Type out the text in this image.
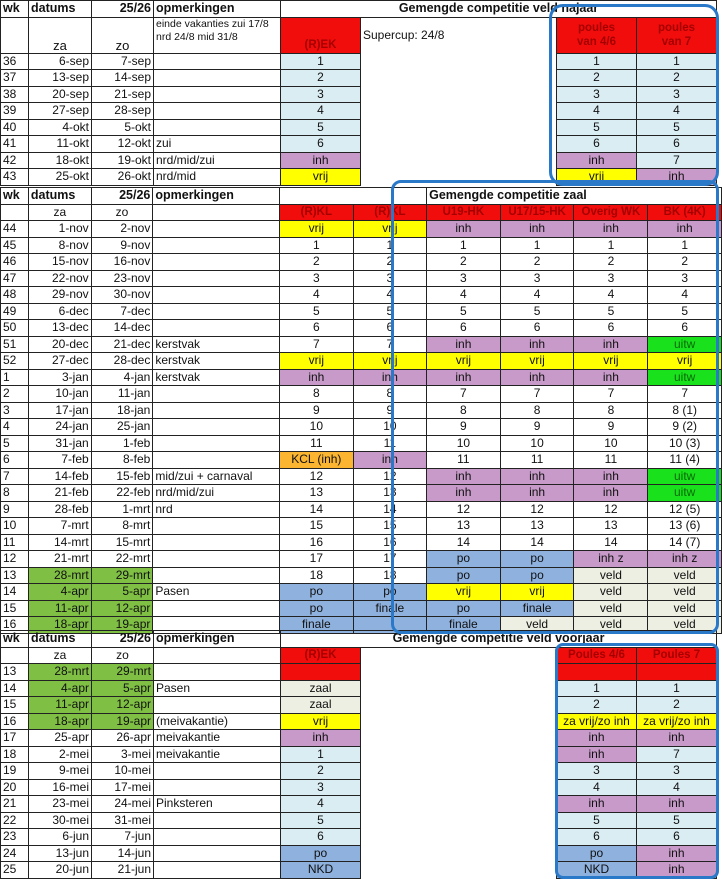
wk	datums	25/26	opmerkingen	Gemengde competitie veld najaar			
	za	zo	einde vakanties zui 17/8
nrd 24/8 mid 31/8	(R)EK	Supercup: 24/8	poules
van 4/6	poules
van 7
36	6-sep	7-sep		1		1	1
37	13-sep	14-sep		2		2	2
38	20-sep	21-sep		3		3	3
39	27-sep	28-sep		4		4	4
40	4-okt	5-okt		5		5	5
41	11-okt	12-okt	zui	6		6	6
42	18-okt	19-okt	nrd/mid/zui	inh		inh	7
43	25-okt	26-okt	nrd/mid	vrij		vrij	inh
wk	datums	25/26	opmerkingen			Gemengde competitie zaal			
	za	zo		(R)KL	(R)KL	U19-HK	U17/15-HK	Overig WK	BK (4K)
44	1-nov	2-nov		vrij	vrij	inh	inh	inh	inh
45	8-nov	9-nov		1	1	1	1	1	1
46	15-nov	16-nov		2	2	2	2	2	2
47	22-nov	23-nov		3	3	3	3	3	3
48	29-nov	30-nov		4	4	4	4	4	4
49	6-dec	7-dec		5	5	5	5	5	5
50	13-dec	14-dec		6	6	6	6	6	6
51	20-dec	21-dec	kerstvak	7	7	inh	inh	inh	uitw
52	27-dec	28-dec	kerstvak	vrij	vrij	vrij	vrij	vrij	vrij
1	3-jan	4-jan	kerstvak	inh	inh	inh	inh	inh	uitw
2	10-jan	11-jan		8	8	7	7	7	7
3	17-jan	18-jan		9	9	8	8	8	8 (1)
4	24-jan	25-jan		10	10	9	9	9	9 (2)
5	31-jan	1-feb		11	11	10	10	10	10 (3)
6	7-feb	8-feb		KCL (inh)	inh	11	11	11	11 (4)
7	14-feb	15-feb	mid/zui + carnaval	12	12	inh	inh	inh	uitw
8	21-feb	22-feb	nrd/mid/zui	13	13	inh	inh	inh	uitw
9	28-feb	1-mrt	nrd	14	14	12	12	12	12 (5)
10	7-mrt	8-mrt		15	15	13	13	13	13 (6)
11	14-mrt	15-mrt		16	16	14	14	14	14 (7)
12	21-mrt	22-mrt		17	17	po	po	inh z	inh z
13	28-mrt	29-mrt		18	18	po	po	veld	veld
14	4-apr	5-apr	Pasen	po	po	vrij	vrij	veld	veld
15	11-apr	12-apr		po	finale	po	finale	veld	veld
16	18-apr	19-apr		finale		finale	veld	veld	veld
wk	datums	25/26	opmerkingen	Gemengde competitie veld voorjaar			
	za	zo		(R)EK		Poules 4/6	Poules 7
13	28-mrt	29-mrt					
14	4-apr	5-apr	Pasen	zaal		1	1
15	11-apr	12-apr		zaal		2	2
16	18-apr	19-apr	(meivakantie)	vrij		za vrij/zo inh	za vrij/zo inh
17	25-apr	26-apr	meivakantie	inh		inh	inh
18	2-mei	3-mei	meivakantie	1		inh	7
19	9-mei	10-mei		2		3	3
20	16-mei	17-mei		3		4	4
21	23-mei	24-mei	Pinksteren	4		inh	inh
22	30-mei	31-mei		5		5	5
23	6-jun	7-jun		6		6	6
24	13-jun	14-jun		po		po	inh
25	20-jun	21-jun		NKD		NKD	inh
